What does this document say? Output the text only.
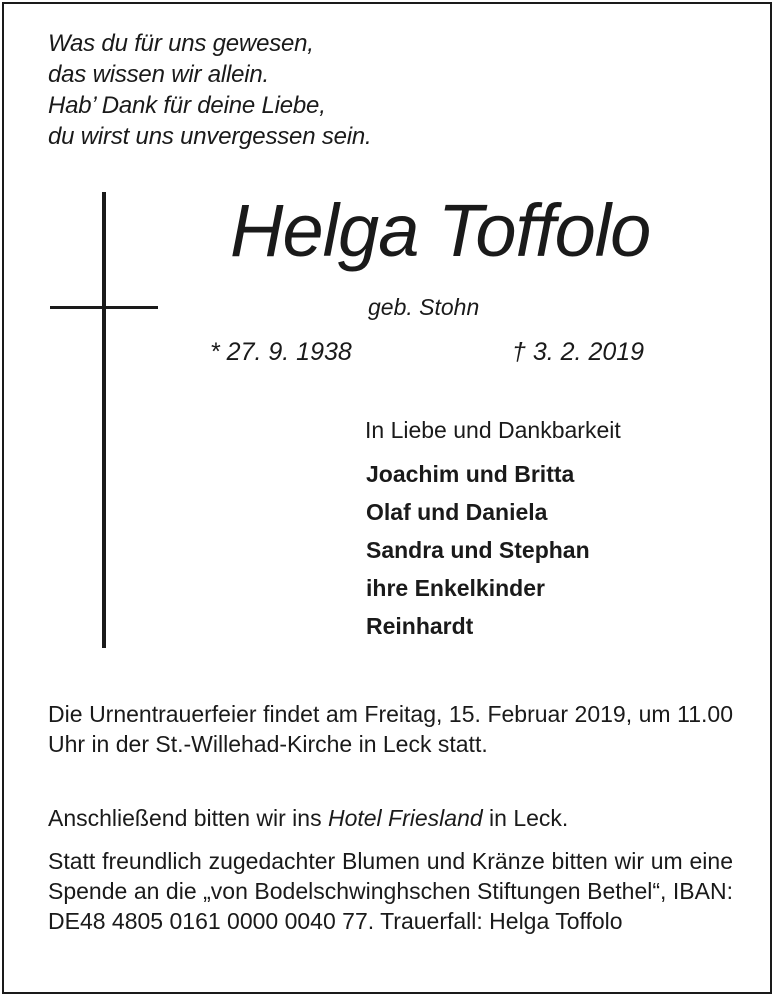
Was du für uns gewesen,
das wissen wir allein.
Hab’ Dank für deine Liebe,
du wirst uns unvergessen sein.
Helga Toffolo
geb. Stohn
* 27. 9. 1938	† 3. 2. 2019
In Liebe und Dankbarkeit
Joachim und Britta
Olaf und Daniela
Sandra und Stephan
ihre Enkelkinder
Reinhardt
Die Urnentrauerfeier findet am Freitag, 15. Februar 2019, um 11.00 Uhr in der St.-Willehad-Kirche in Leck statt.
Anschließend bitten wir ins Hotel Friesland in Leck.
Statt freundlich zugedachter Blumen und Kränze bitten wir um eine Spende an die „von Bodelschwinghschen Stiftungen Bethel“, IBAN: DE48 4805 0161 0000 0040 77. Trauerfall: Helga Toffolo
